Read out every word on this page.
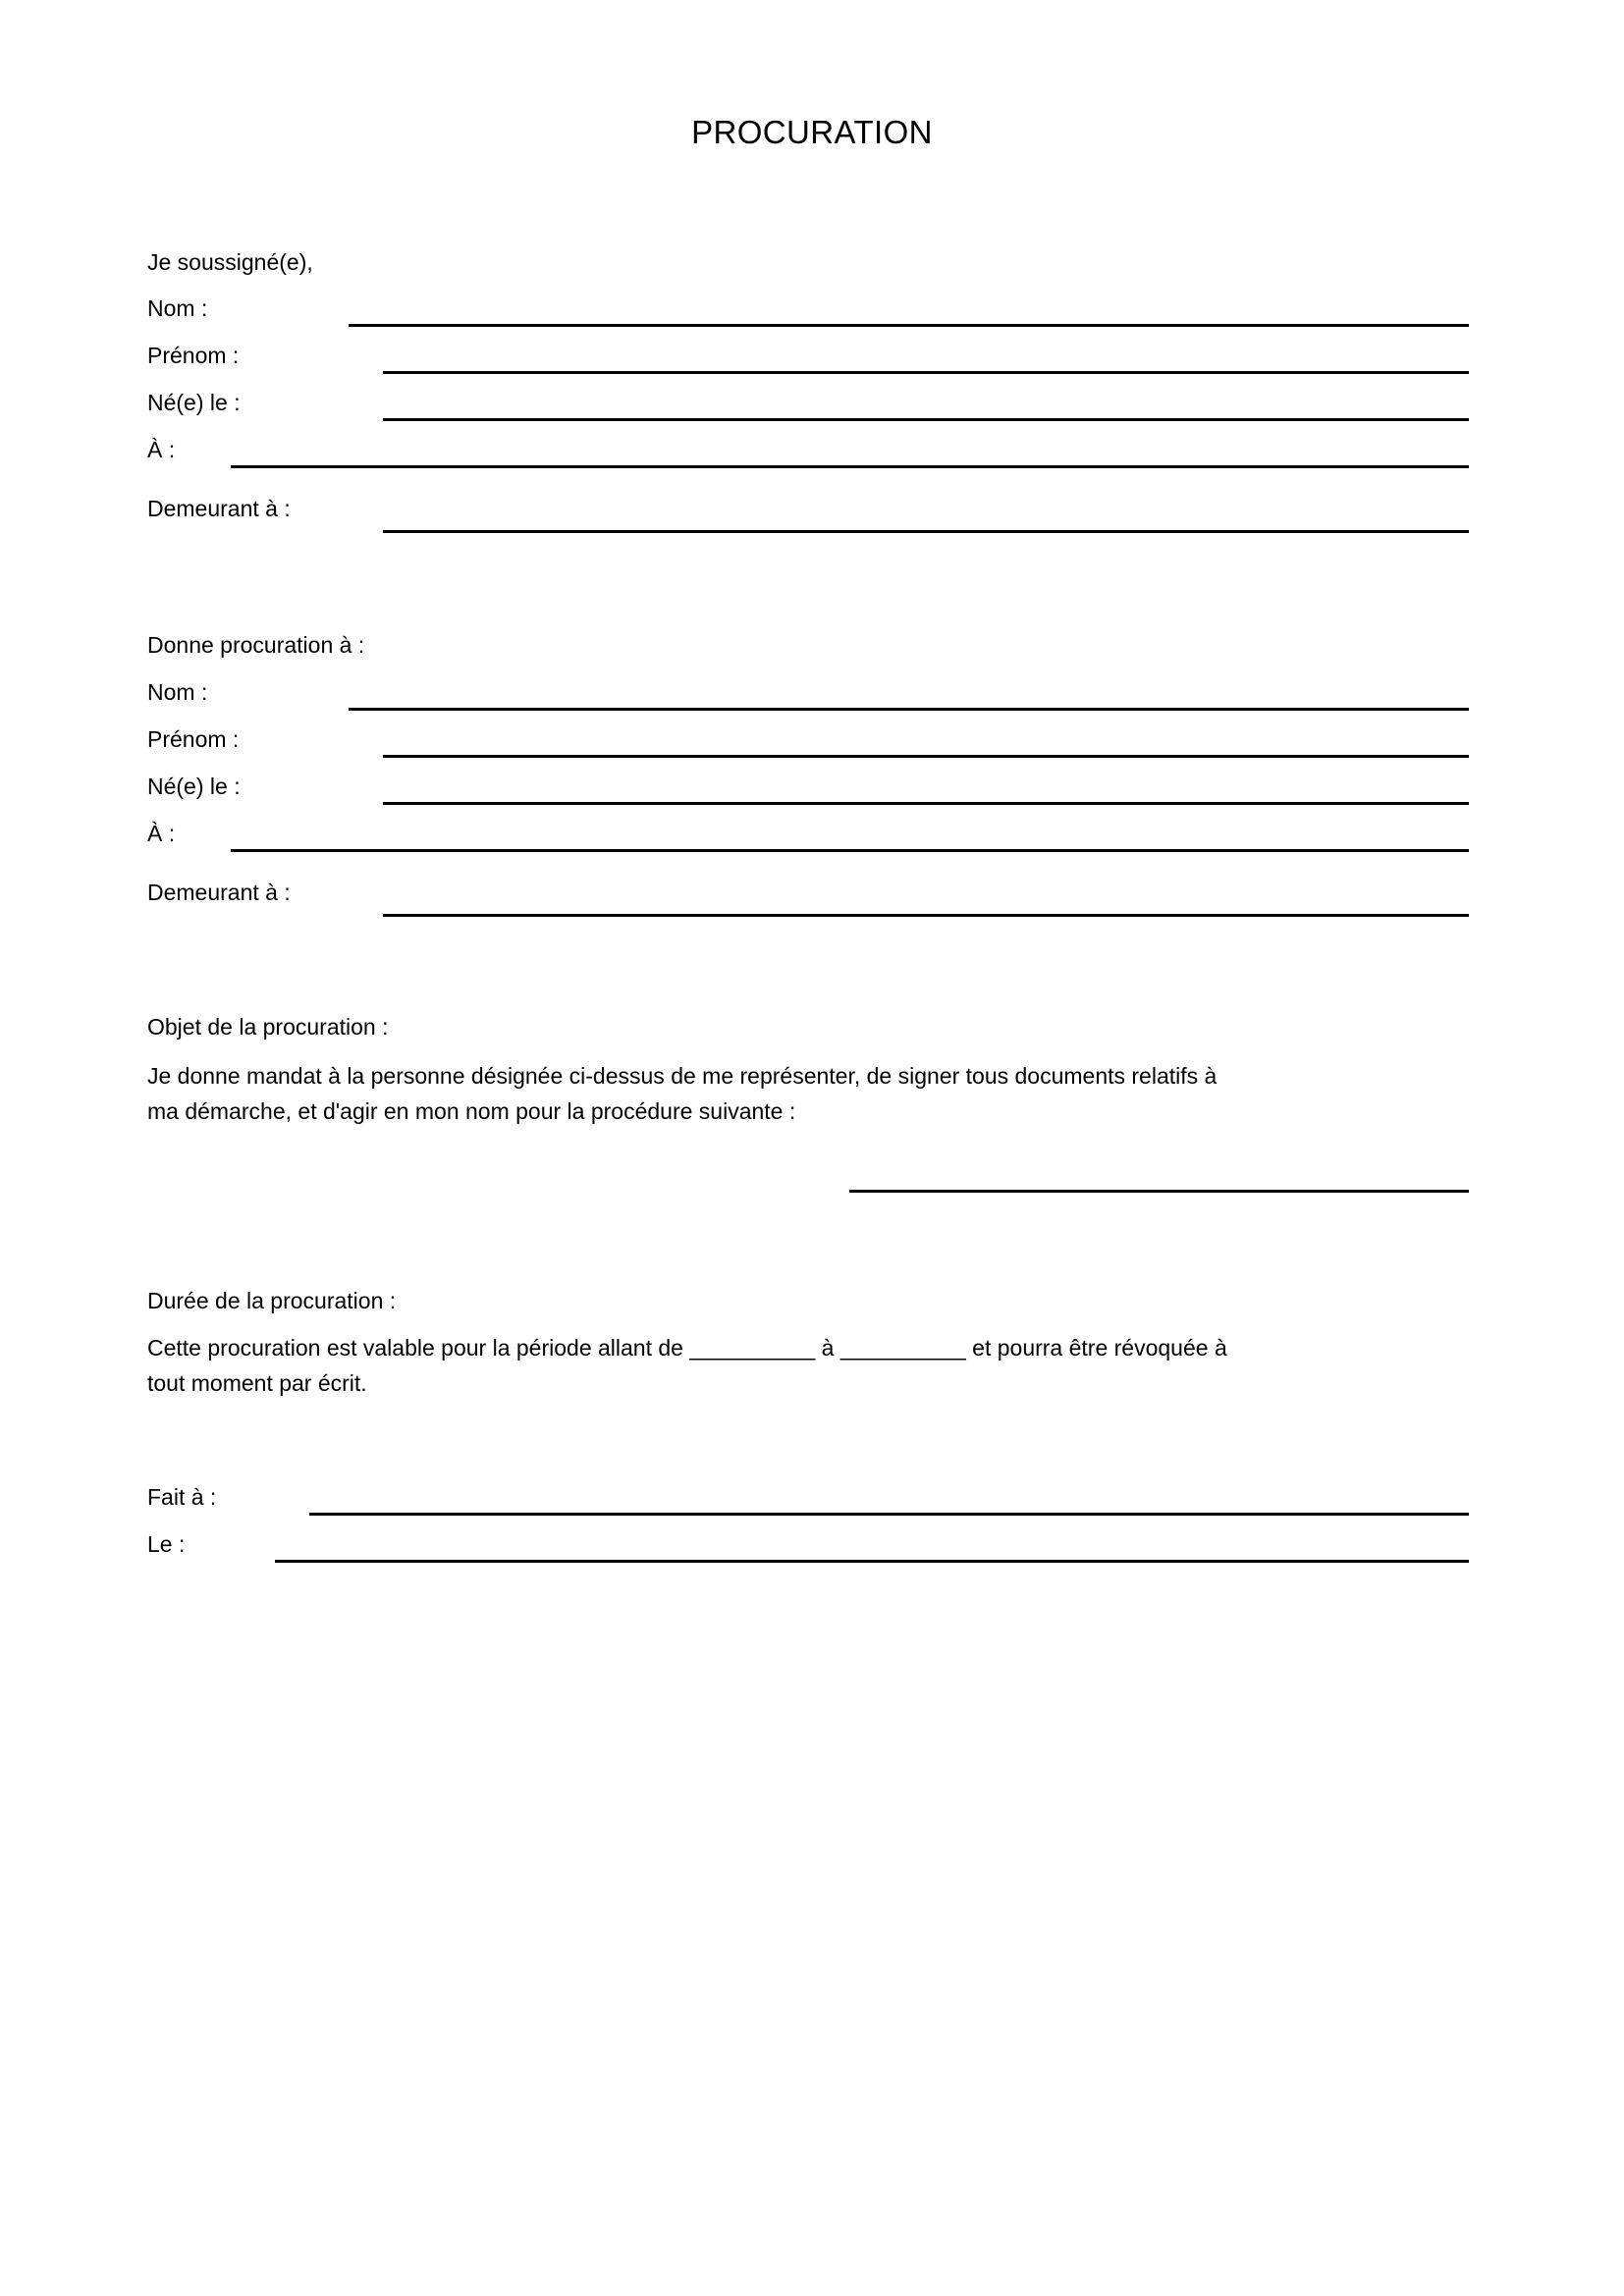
PROCURATION
Je soussigné(e),
Nom :
Prénom :
Né(e) le :
À :
Demeurant à :
Donne procuration à :
Nom :
Prénom :
Né(e) le :
À :
Demeurant à :
Objet de la procuration :
Je donne mandat à la personne désignée ci-dessus de me représenter, de signer tous documents relatifs à
ma démarche, et d'agir en mon nom pour la procédure suivante :
Durée de la procuration :
Cette procuration est valable pour la période allant de __________ à __________ et pourra être révoquée à
tout moment par écrit.
Fait à :
Le :
